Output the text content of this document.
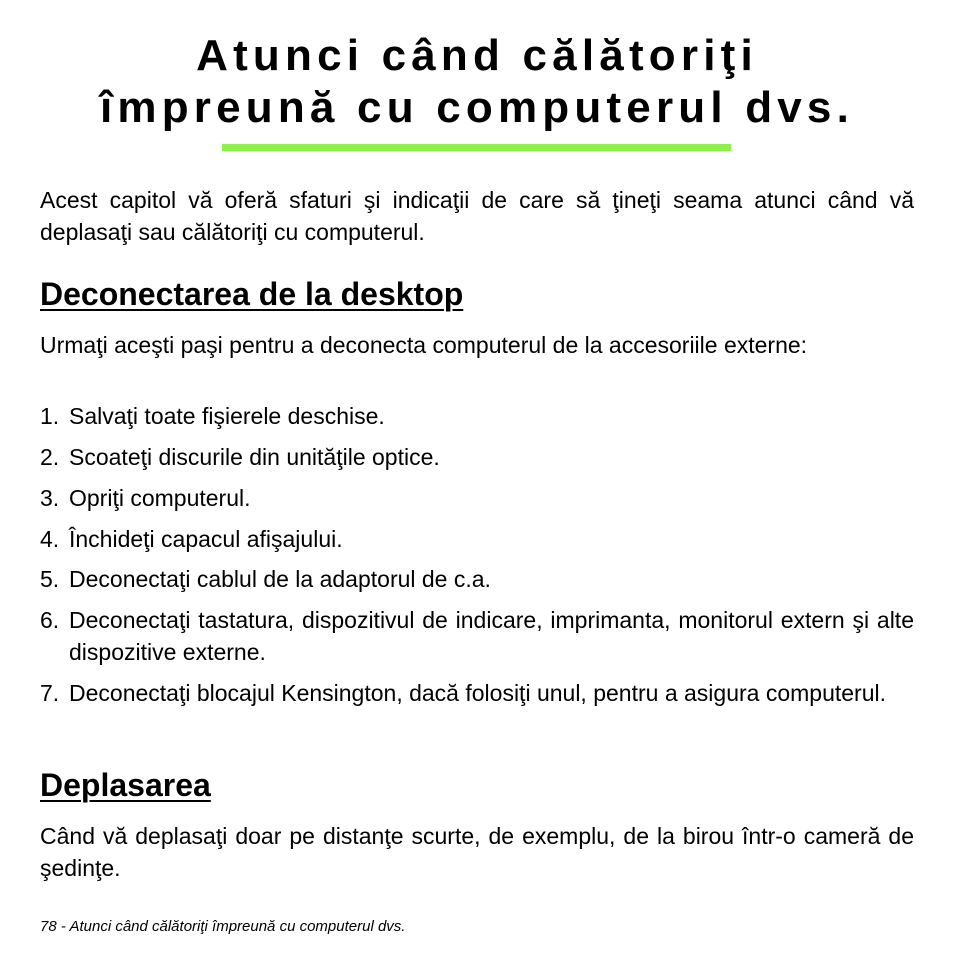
Atunci când călătoriţi
împreună cu computerul dvs.

Acest capitol vă oferă sfaturi şi indicaţii de care să ţineţi seama atunci când vă deplasaţi sau călătoriţi cu computerul.

Deconectarea de la desktop

Urmaţi aceşti paşi pentru a deconecta computerul de la accesoriile externe:

1. Salvaţi toate fişierele deschise.
2. Scoateţi discurile din unităţile optice.
3. Opriţi computerul.
4. Închideţi capacul afişajului.
5. Deconectaţi cablul de la adaptorul de c.a.
6. Deconectaţi tastatura, dispozitivul de indicare, imprimanta, monitorul extern şi alte dispozitive externe.
7. Deconectaţi blocajul Kensington, dacă folosiţi unul, pentru a asigura computerul.
Deplasarea

Când vă deplasaţi doar pe distanţe scurte, de exemplu, de la birou într-o cameră de şedinţe.

78 - Atunci când călătoriţi împreună cu computerul dvs.
